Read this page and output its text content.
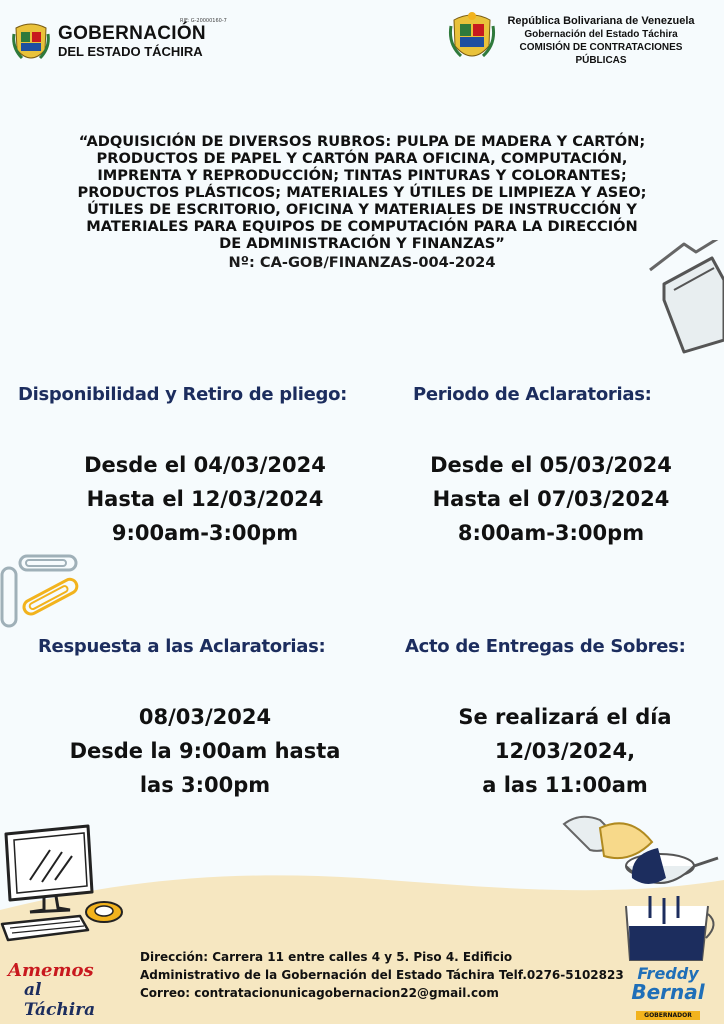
RIF: G-20000160-7
GOBERNACIÓN
DEL ESTADO TÁCHIRA
República Bolivariana de Venezuela
Gobernación del Estado Táchira
COMISIÓN DE CONTRATACIONES
PÚBLICAS
“ADQUISICIÓN DE DIVERSOS RUBROS: PULPA DE MADERA Y CARTÓN;
PRODUCTOS DE PAPEL Y CARTÓN PARA OFICINA, COMPUTACIÓN,
IMPRENTA Y REPRODUCCIÓN; TINTAS PINTURAS Y COLORANTES;
PRODUCTOS PLÁSTICOS; MATERIALES Y ÚTILES DE LIMPIEZA Y ASEO;
ÚTILES DE ESCRITORIO, OFICINA Y MATERIALES DE INSTRUCCIÓN Y
MATERIALES PARA EQUIPOS DE COMPUTACIÓN PARA LA DIRECCIÓN
DE ADMINISTRACIÓN Y FINANZAS”
Nº: CA-GOB/FINANZAS-004-2024
Disponibilidad y Retiro de pliego:
Desde el 04/03/2024
Hasta el 12/03/2024
9:00am-3:00pm
Periodo de Aclaratorias:
Desde el 05/03/2024
Hasta el 07/03/2024
8:00am-3:00pm
Respuesta a las Aclaratorias:
08/03/2024
Desde la 9:00am hasta
las 3:00pm
Acto de Entregas de Sobres:
Se realizará el día
12/03/2024,
a las 11:00am
Dirección: Carrera 11 entre calles 4 y 5. Piso 4. Edificio
Administrativo de la Gobernación del Estado Táchira Telf.0276-5102823
Correo: contratacionunicagobernacion22@gmail.com
Amemos
al Táchira
Freddy
Bernal
GOBERNADOR
